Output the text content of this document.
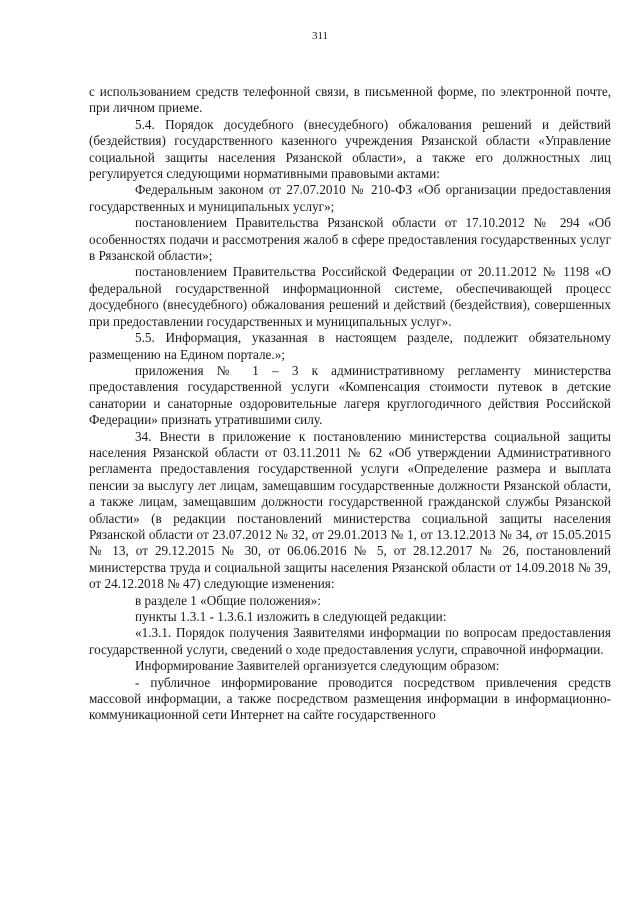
311

с использованием средств телефонной связи, в письменной форме, по электронной почте, при личном приеме.

5.4. Порядок досудебного (внесудебного) обжалования решений и действий (бездействия) государственного казенного учреждения Рязанской области «Управление социальной защиты населения Рязанской области», а также его должностных лиц регулируется следующими нормативными правовыми актами:

Федеральным законом от 27.07.2010 № 210-ФЗ «Об организации предоставления государственных и муниципальных услуг»;

постановлением Правительства Рязанской области от 17.10.2012 № 294 «Об особенностях подачи и рассмотрения жалоб в сфере предоставления государственных услуг в Рязанской области»;

постановлением Правительства Российской Федерации от 20.11.2012 № 1198 «О федеральной государственной информационной системе, обеспечивающей процесс досудебного (внесудебного) обжалования решений и действий (бездействия), совершенных при предоставлении государственных и муниципальных услуг».

5.5. Информация, указанная в настоящем разделе, подлежит обязательному размещению на Едином портале.»;

приложения № 1 – 3 к административному регламенту министерства предоставления государственной услуги «Компенсация стоимости путевок в детские санатории и санаторные оздоровительные лагеря круглогодичного действия Российской Федерации» признать утратившими силу.

34. Внести в приложение к постановлению министерства социальной защиты населения Рязанской области от 03.11.2011 № 62 «Об утверждении Административного регламента предоставления государственной услуги «Определение размера и выплата пенсии за выслугу лет лицам, замещавшим государственные должности Рязанской области, а также лицам, замещавшим должности государственной гражданской службы Рязанской области» (в редакции постановлений министерства социальной защиты населения Рязанской области от 23.07.2012 № 32, от 29.01.2013 № 1, от 13.12.2013 № 34, от 15.05.2015 № 13, от 29.12.2015 № 30, от 06.06.2016 № 5, от 28.12.2017 № 26, постановлений министерства труда и социальной защиты населения Рязанской области от 14.09.2018 № 39, от 24.12.2018 № 47) следующие изменения:

в разделе 1 «Общие положения»:

пункты 1.3.1 - 1.3.6.1 изложить в следующей редакции:

«1.3.1. Порядок получения Заявителями информации по вопросам предоставления государственной услуги, сведений о ходе предоставления услуги, справочной информации.

Информирование Заявителей организуется следующим образом:

- публичное информирование проводится посредством привлечения средств массовой информации, а также посредством размещения информации в информационно-коммуникационной сети Интернет на сайте государственного
